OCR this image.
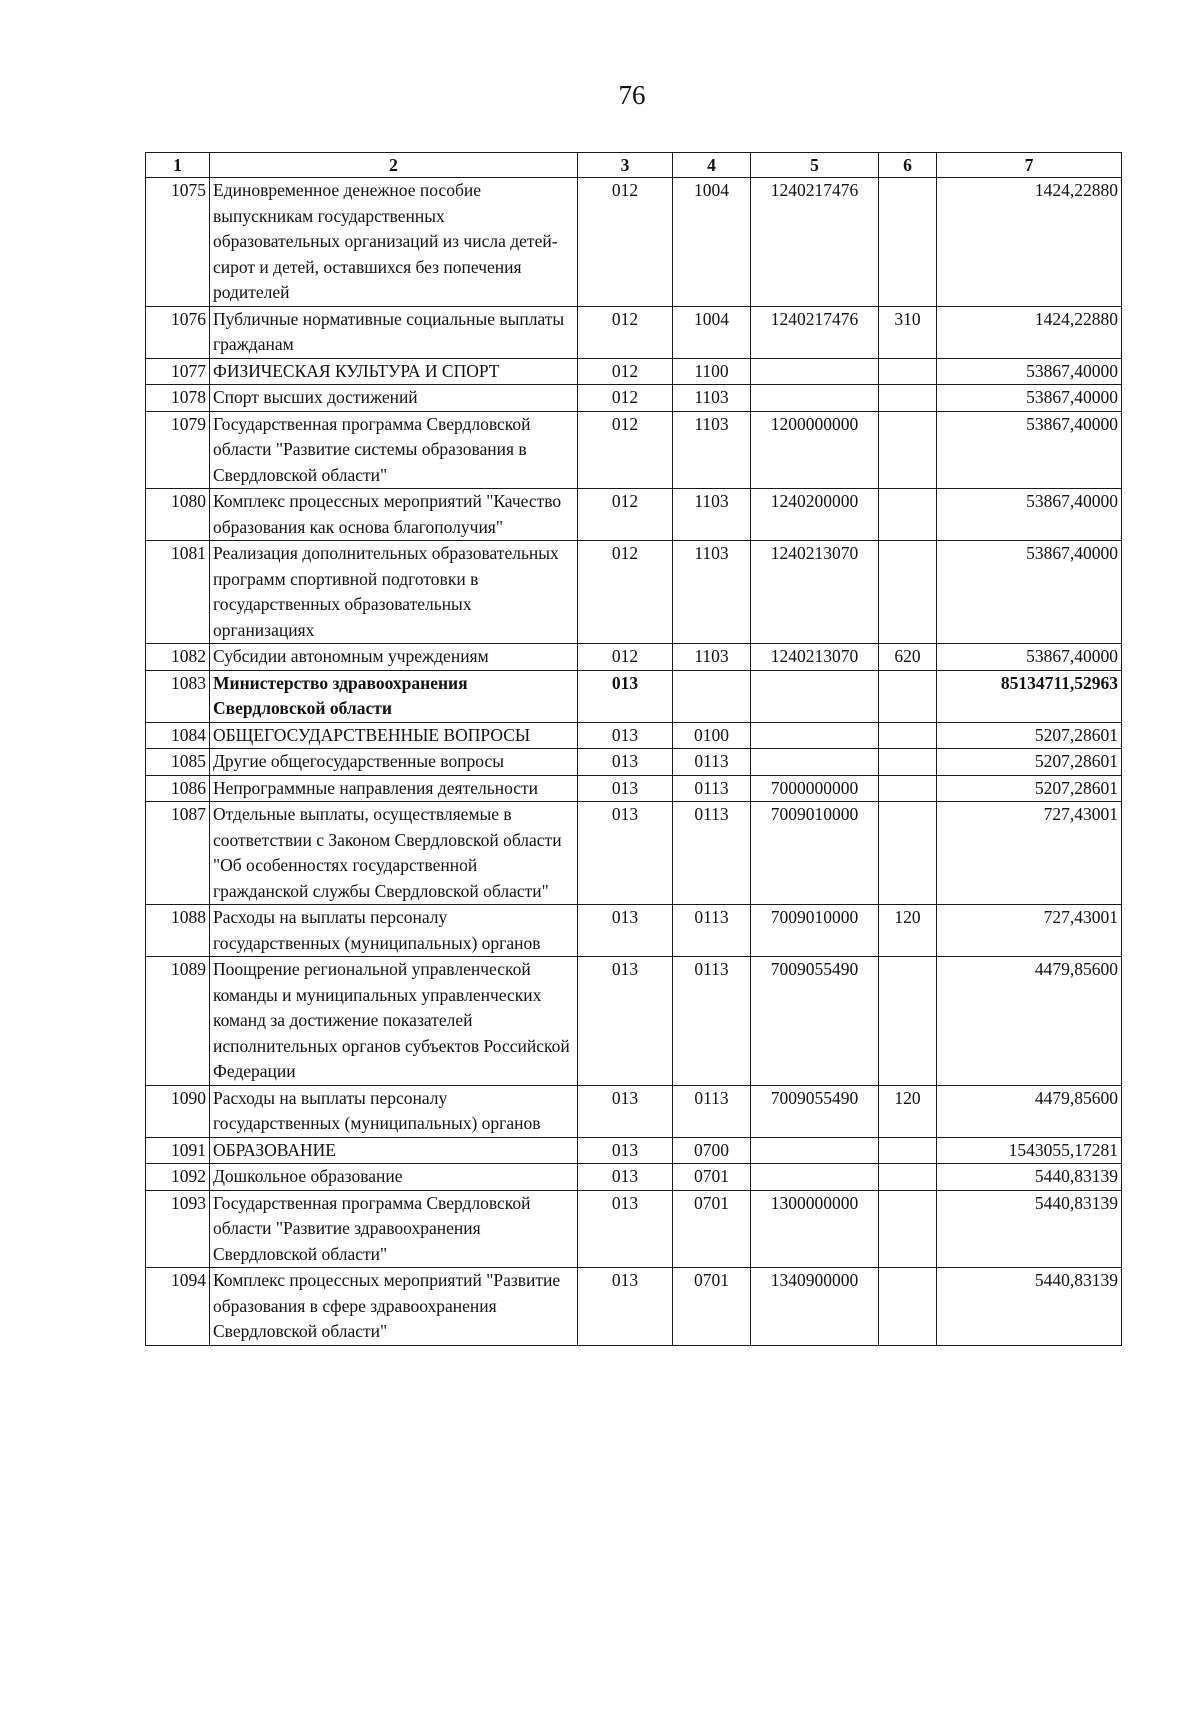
76
1	2	3	4	5	6	7
1075	Единовременное денежное пособие выпускникам государственных образовательных организаций из числа детей-сирот и детей, оставшихся без попечения родителей	012	1004	1240217476		1424,22880
1076	Публичные нормативные социальные выплаты гражданам	012	1004	1240217476	310	1424,22880
1077	ФИЗИЧЕСКАЯ КУЛЬТУРА И СПОРТ	012	1100			53867,40000
1078	Спорт высших достижений	012	1103			53867,40000
1079	Государственная программа Свердловской области "Развитие системы образования в Свердловской области"	012	1103	1200000000		53867,40000
1080	Комплекс процессных мероприятий "Качество образования как основа благополучия"	012	1103	1240200000		53867,40000
1081	Реализация дополнительных образовательных программ спортивной подготовки в государственных образовательных организациях	012	1103	1240213070		53867,40000
1082	Субсидии автономным учреждениям	012	1103	1240213070	620	53867,40000
1083	Министерство здравоохранения Свердловской области	013				85134711,52963
1084	ОБЩЕГОСУДАРСТВЕННЫЕ ВОПРОСЫ	013	0100			5207,28601
1085	Другие общегосударственные вопросы	013	0113			5207,28601
1086	Непрограммные направления деятельности	013	0113	7000000000		5207,28601
1087	Отдельные выплаты, осуществляемые в соответствии с Законом Свердловской области "Об особенностях государственной гражданской службы Свердловской области"	013	0113	7009010000		727,43001
1088	Расходы на выплаты персоналу государственных (муниципальных) органов	013	0113	7009010000	120	727,43001
1089	Поощрение региональной управленческой команды и муниципальных управленческих команд за достижение показателей исполнительных органов субъектов Российской Федерации	013	0113	7009055490		4479,85600
1090	Расходы на выплаты персоналу государственных (муниципальных) органов	013	0113	7009055490	120	4479,85600
1091	ОБРАЗОВАНИЕ	013	0700			1543055,17281
1092	Дошкольное образование	013	0701			5440,83139
1093	Государственная программа Свердловской области "Развитие здравоохранения Свердловской области"	013	0701	1300000000		5440,83139
1094	Комплекс процессных мероприятий "Развитие образования в сфере здравоохранения Свердловской области"	013	0701	1340900000		5440,83139
